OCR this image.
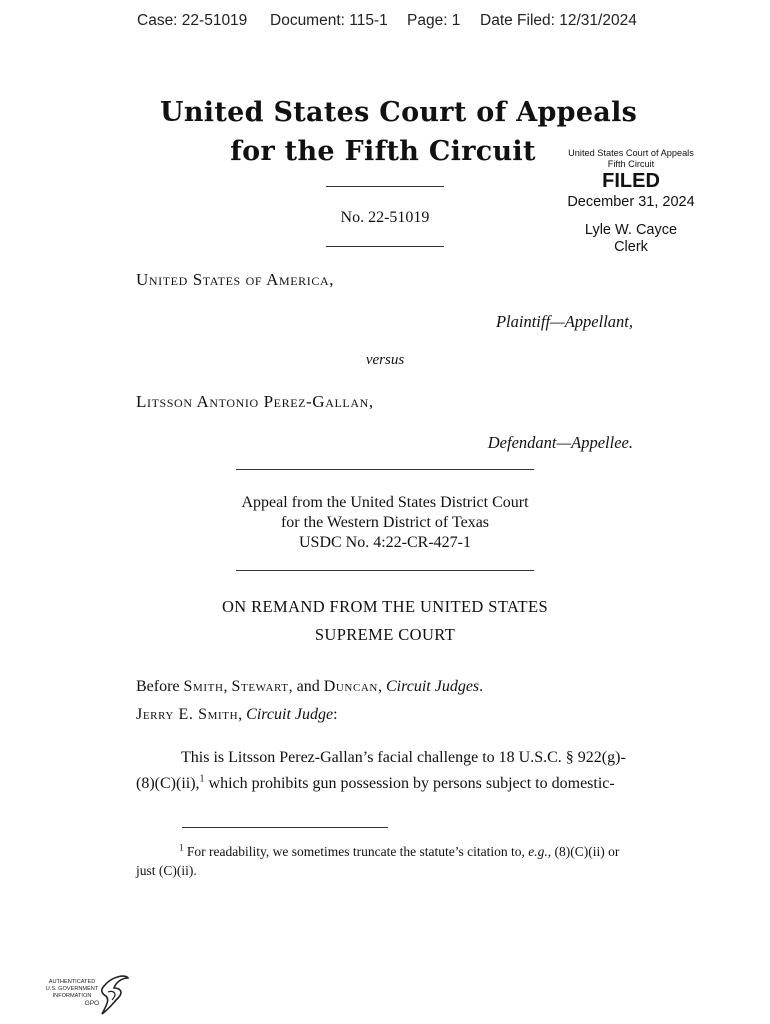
Case: 22-51019 Document: 115-1 Page: 1 Date Filed: 12/31/2024
United States Court of Appeals
for the Fifth Circuit
No. 22-51019
United States Court of Appeals
Fifth Circuit
FILED
December 31, 2024
Lyle W. Cayce
Clerk
United States of America,
Plaintiff—Appellant,
versus
Litsson Antonio Perez-Gallan,
Defendant—Appellee.
Appeal from the United States District Court
for the Western District of Texas
USDC No. 4:22-CR-427-1
ON REMAND FROM THE UNITED STATES
SUPREME COURT
Before Smith, Stewart, and Duncan, Circuit Judges.
Jerry E. Smith, Circuit Judge:
This is Litsson Perez-Gallan’s facial challenge to 18 U.S.C. § 922(g)-(8)(C)(ii),$^1$ which prohibits gun possession by persons subject to domestic-
$^1$ For readability, we sometimes truncate the statute’s citation to, e.g., (8)(C)(ii) or just (C)(ii).
AUTHENTICATED
U.S. GOVERNMENT
INFORMATION
GPO
